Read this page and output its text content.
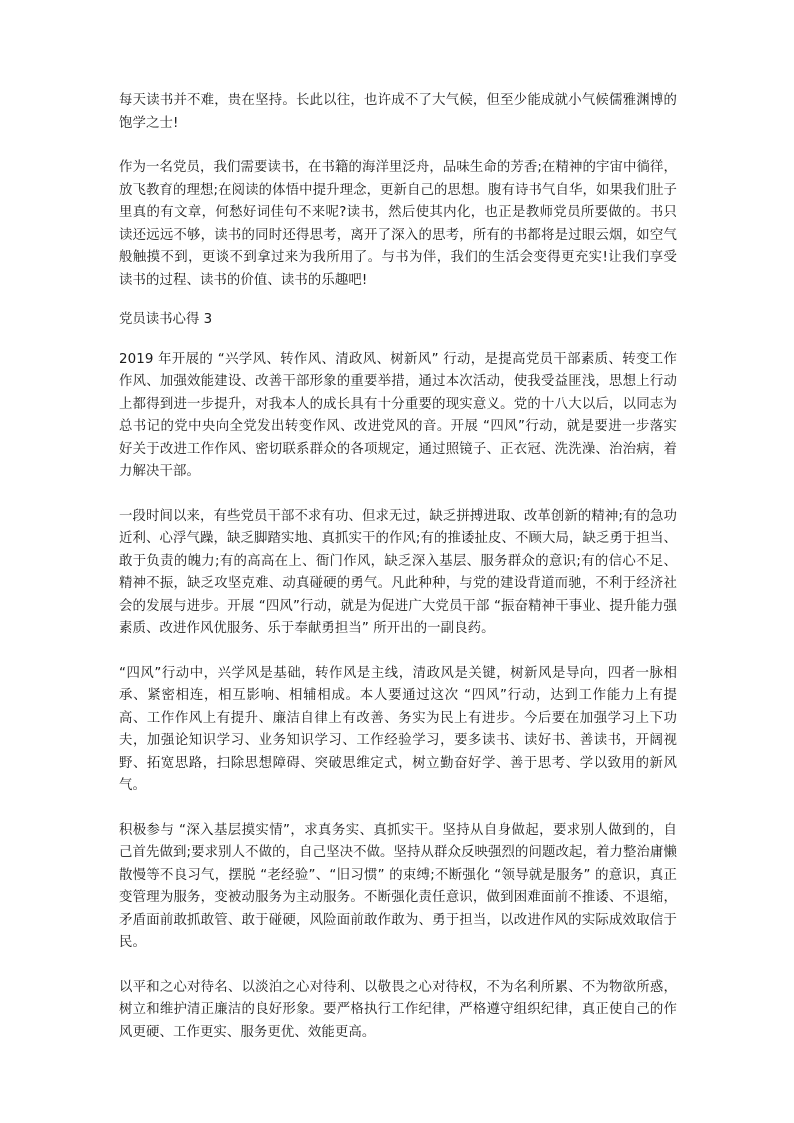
每天读书并不难，贵在坚持。长此以往，也许成不了大气候，但至少能成就小气候儒雅渊博的饱学之士!

作为一名党员，我们需要读书，在书籍的海洋里泛舟，品味生命的芳香;在精神的宇宙中徜徉，放飞教育的理想;在阅读的体悟中提升理念，更新自己的思想。腹有诗书气自华，如果我们肚子里真的有文章，何愁好词佳句不来呢?读书，然后使其内化，也正是教师党员所要做的。书只读还远远不够，读书的同时还得思考，离开了深入的思考，所有的书都将是过眼云烟，如空气般触摸不到，更谈不到拿过来为我所用了。与书为伴，我们的生活会变得更充实!让我们享受读书的过程、读书的价值、读书的乐趣吧!

党员读书心得 3

2019 年开展的 “兴学风、转作风、清政风、树新风” 行动，是提高党员干部素质、转变工作作风、加强效能建设、改善干部形象的重要举措，通过本次活动，使我受益匪浅，思想上行动上都得到进一步提升，对我本人的成长具有十分重要的现实意义。党的十八大以后，以同志为总书记的党中央向全党发出转变作风、改进党风的音。开展 “四风”行动，就是要进一步落实好关于改进工作作风、密切联系群众的各项规定，通过照镜子、正衣冠、洗洗澡、治治病，着力解决干部。

一段时间以来，有些党员干部不求有功、但求无过，缺乏拼搏进取、改革创新的精神;有的急功近利、心浮气躁，缺乏脚踏实地、真抓实干的作风;有的推诿扯皮、不顾大局，缺乏勇于担当、敢于负责的魄力;有的高高在上、衙门作风，缺乏深入基层、服务群众的意识;有的信心不足、精神不振，缺乏攻坚克难、动真碰硬的勇气。凡此种种，与党的建设背道而驰，不利于经济社会的发展与进步。开展 “四风”行动，就是为促进广大党员干部 “振奋精神干事业、提升能力强素质、改进作风优服务、乐于奉献勇担当” 所开出的一副良药。

“四风”行动中，兴学风是基础，转作风是主线，清政风是关键，树新风是导向，四者一脉相承、紧密相连，相互影响、相辅相成。本人要通过这次 “四风”行动，达到工作能力上有提高、工作作风上有提升、廉洁自律上有改善、务实为民上有进步。今后要在加强学习上下功夫，加强论知识学习、业务知识学习、工作经验学习，要多读书、读好书、善读书，开阔视野、拓宽思路，扫除思想障碍、突破思维定式，树立勤奋好学、善于思考、学以致用的新风气。

积极参与 “深入基层摸实情”，求真务实、真抓实干。坚持从自身做起，要求别人做到的，自己首先做到;要求别人不做的，自己坚决不做。坚持从群众反映强烈的问题改起，着力整治庸懒散慢等不良习气，摆脱 “老经验”、“旧习惯” 的束缚;不断强化 “领导就是服务” 的意识，真正变管理为服务，变被动服务为主动服务。不断强化责任意识，做到困难面前不推诿、不退缩，矛盾面前敢抓敢管、敢于碰硬，风险面前敢作敢为、勇于担当，以改进作风的实际成效取信于民。

以平和之心对待名、以淡泊之心对待利、以敬畏之心对待权，不为名利所累、不为物欲所惑，树立和维护清正廉洁的良好形象。要严格执行工作纪律，严格遵守组织纪律，真正使自己的作风更硬、工作更实、服务更优、效能更高。
